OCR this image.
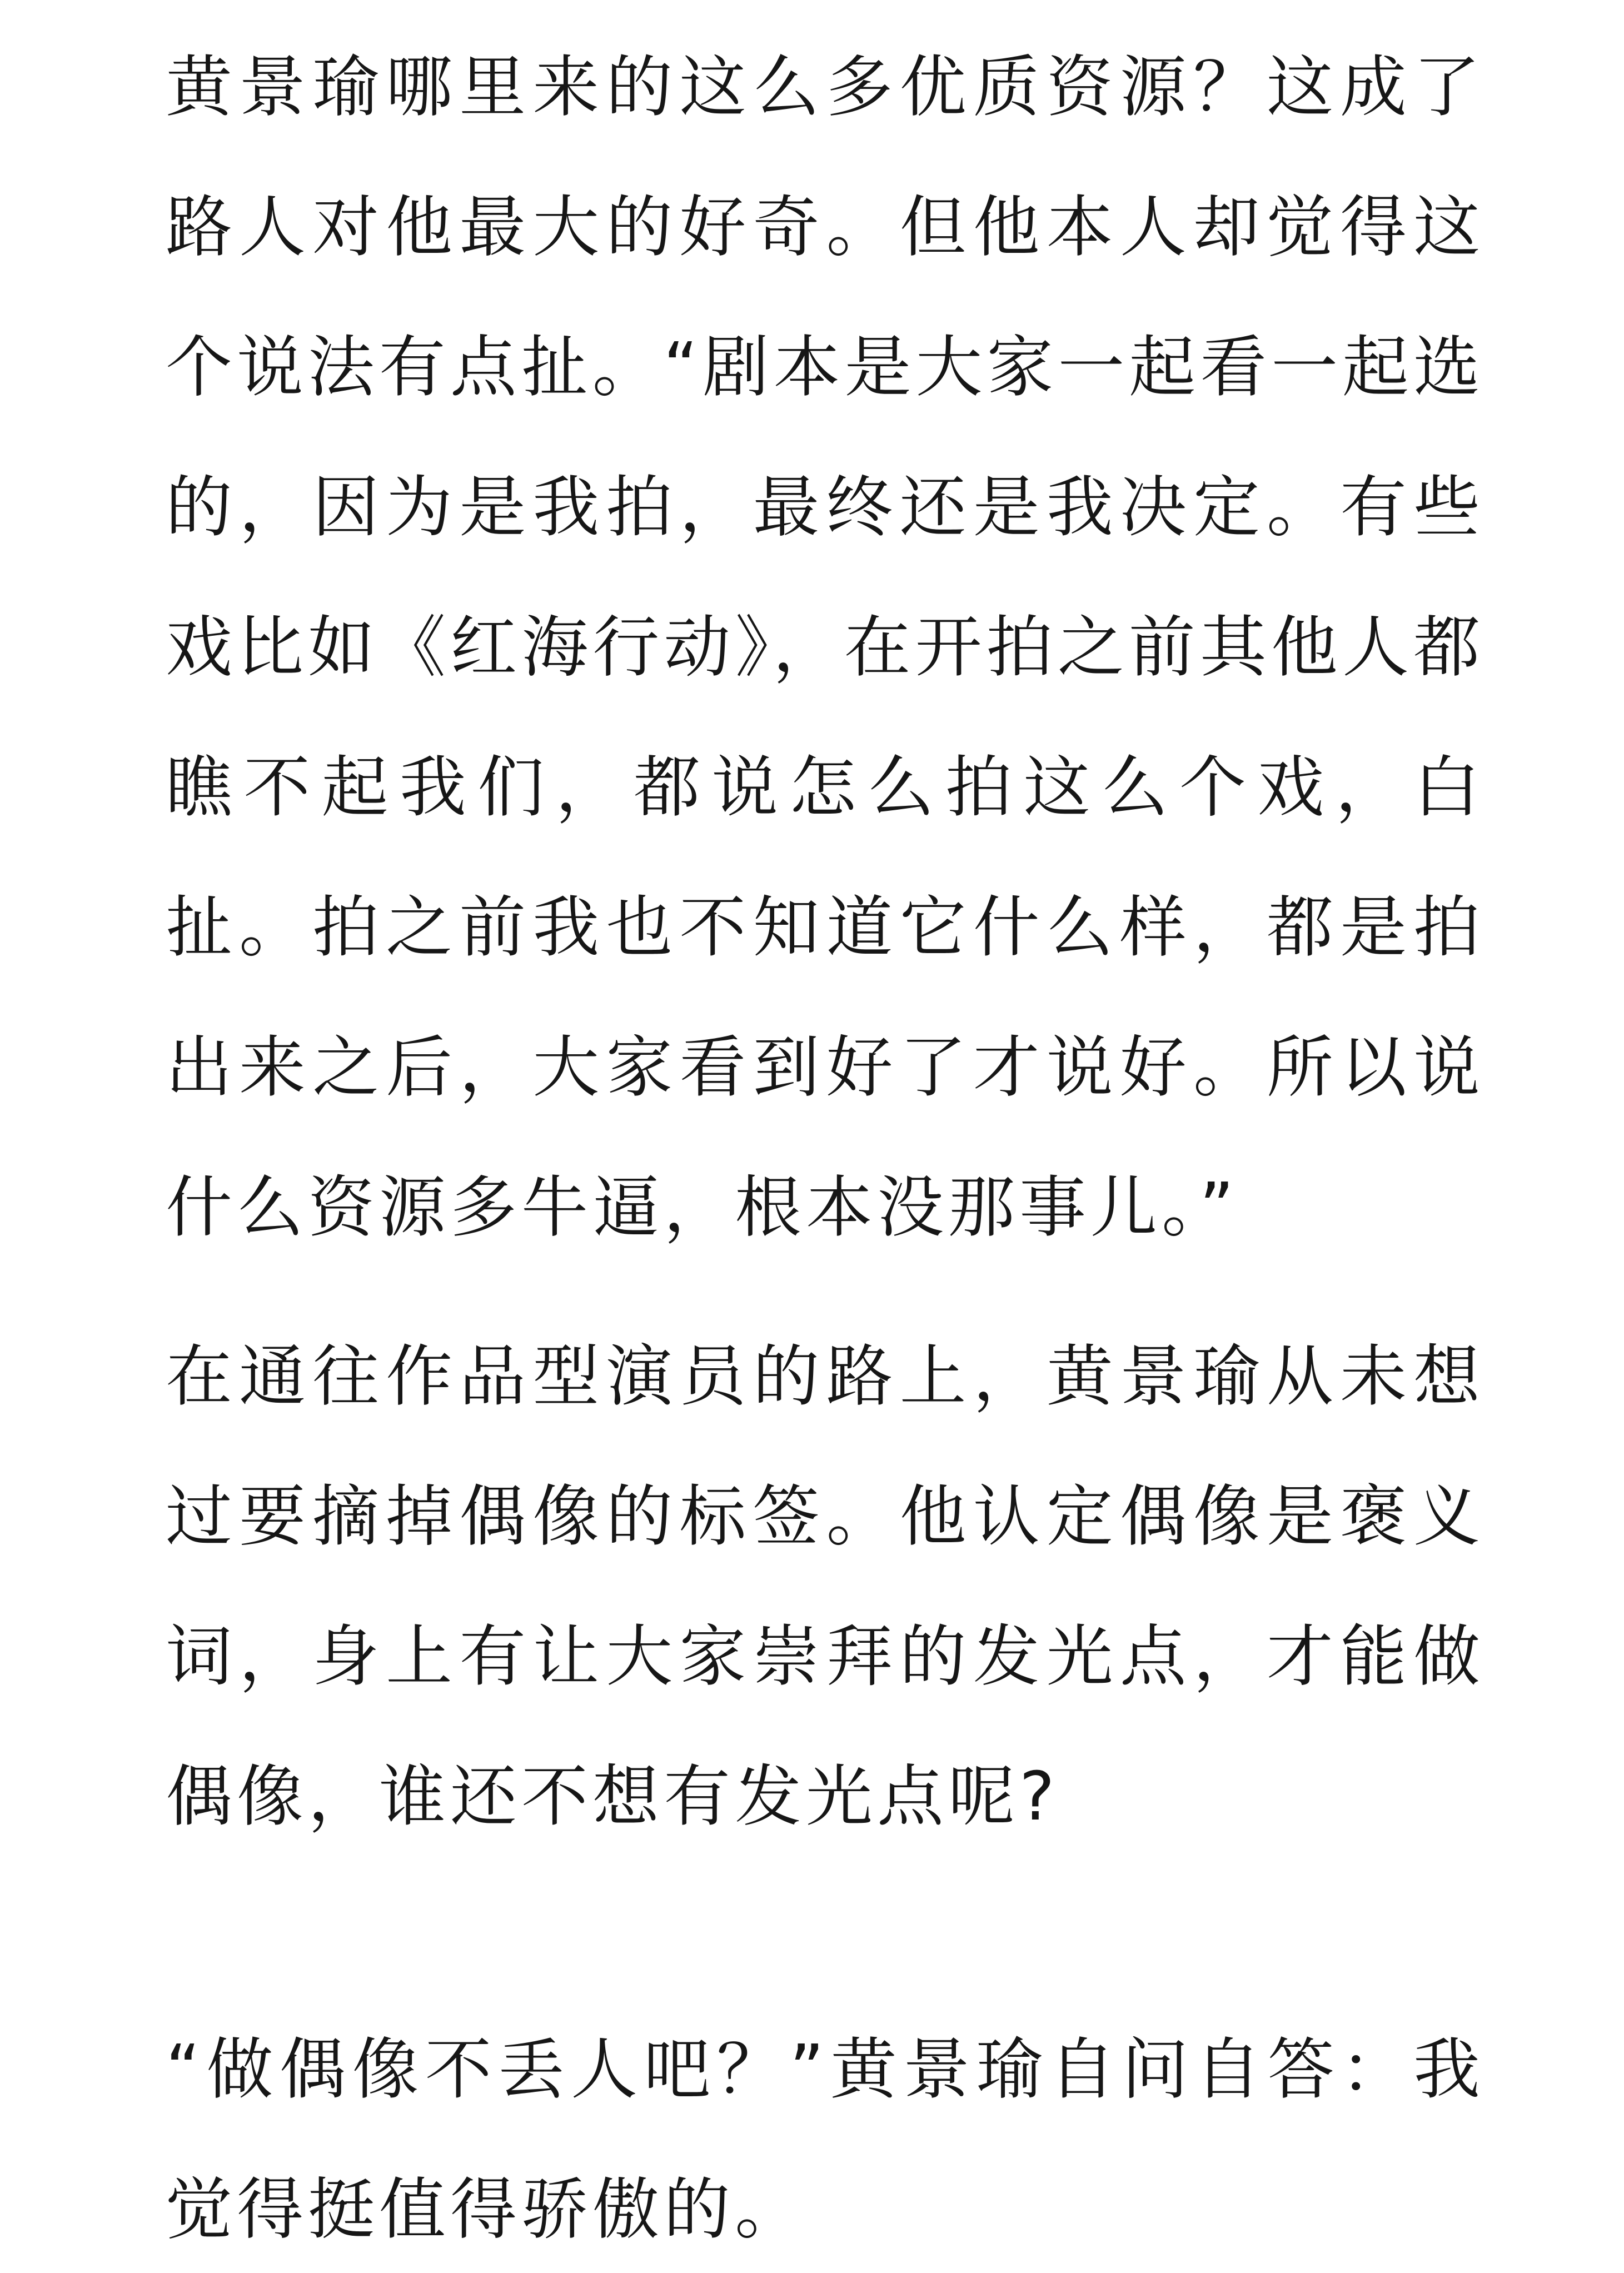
黄景瑜哪里来的这么多优质资源？这成了
路人对他最大的好奇。但他本人却觉得这
个说法有点扯。“剧本是大家一起看一起选
的，因为是我拍，最终还是我决定。有些
戏比如《红海行动》，在开拍之前其他人都
瞧不起我们，都说怎么拍这么个戏，白
扯。拍之前我也不知道它什么样，都是拍
出来之后，大家看到好了才说好。所以说
什么资源多牛逼，根本没那事儿。”
在通往作品型演员的路上，黄景瑜从未想
过要摘掉偶像的标签。他认定偶像是褒义
词，身上有让大家崇拜的发光点，才能做
偶像，谁还不想有发光点呢?
“做偶像不丢人吧？”黄景瑜自问自答：我
觉得挺值得骄傲的。
